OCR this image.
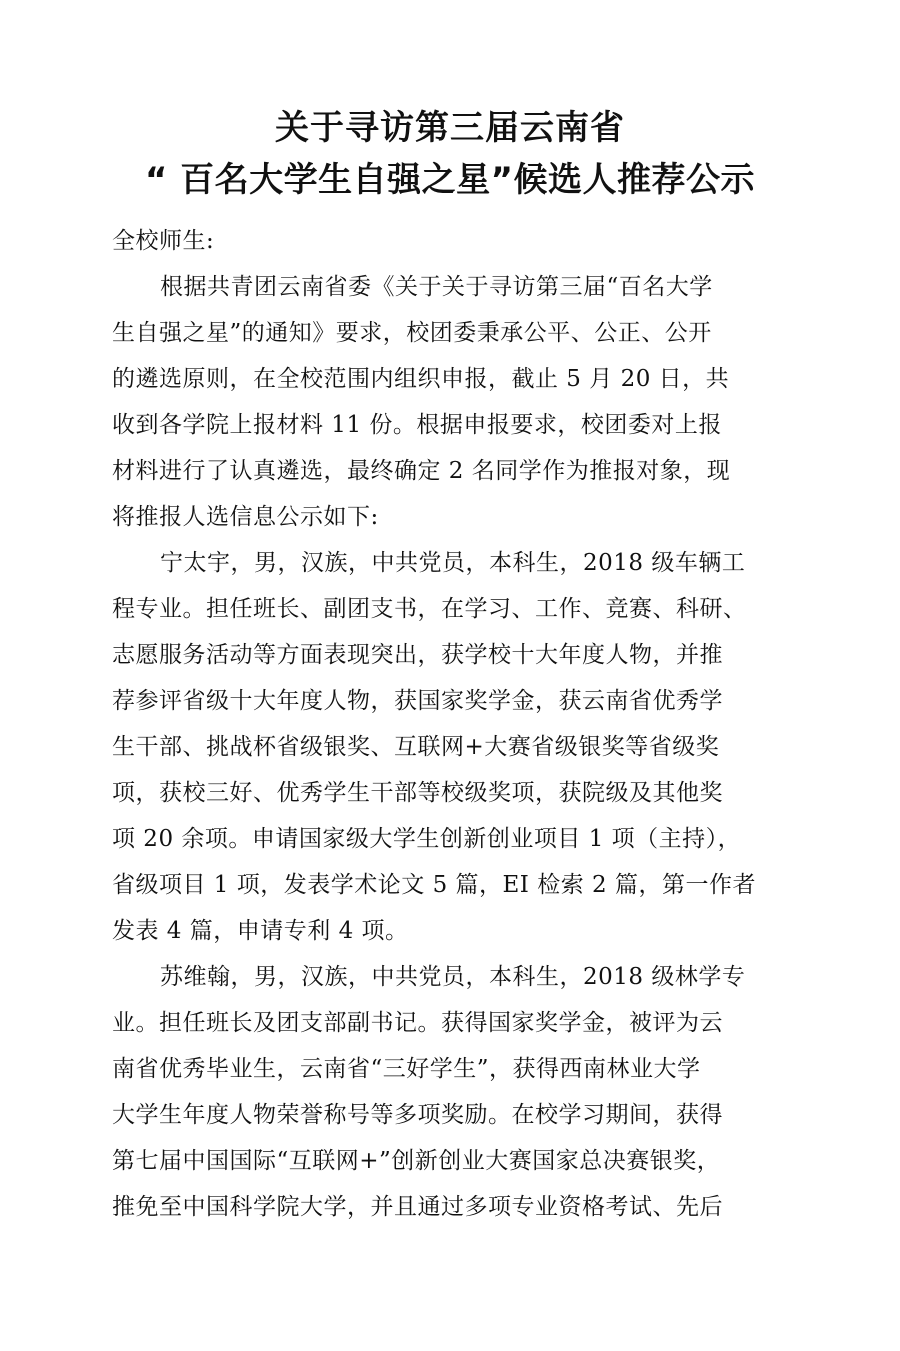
关于寻访第三届云南省
“ 百名大学生自强之星”候选人推荐公示
全校师生:
根据共青团云南省委《关于关于寻访第三届“百名大学
生自强之星”的通知》要求，校团委秉承公平、公正、公开
的遴选原则，在全校范围内组织申报，截止 5 月 20 日，共
收到各学院上报材料 11 份。根据申报要求，校团委对上报
材料进行了认真遴选，最终确定 2 名同学作为推报对象，现
将推报人选信息公示如下:
宁太宇，男，汉族，中共党员，本科生，2018 级车辆工
程专业。担任班长、副团支书，在学习、工作、竞赛、科研、
志愿服务活动等方面表现突出，获学校十大年度人物，并推
荐参评省级十大年度人物，获国家奖学金，获云南省优秀学
生干部、挑战杯省级银奖、互联网+大赛省级银奖等省级奖
项，获校三好、优秀学生干部等校级奖项，获院级及其他奖
项 20 余项。申请国家级大学生创新创业项目 1 项（主持），
省级项目 1 项，发表学术论文 5 篇，EI 检索 2 篇，第一作者
发表 4 篇，申请专利 4 项。
苏维翰，男，汉族，中共党员，本科生，2018 级林学专
业。担任班长及团支部副书记。获得国家奖学金，被评为云
南省优秀毕业生，云南省“三好学生”，获得西南林业大学
大学生年度人物荣誉称号等多项奖励。在校学习期间，获得
第七届中国国际“互联网+”创新创业大赛国家总决赛银奖，
推免至中国科学院大学，并且通过多项专业资格考试、先后
